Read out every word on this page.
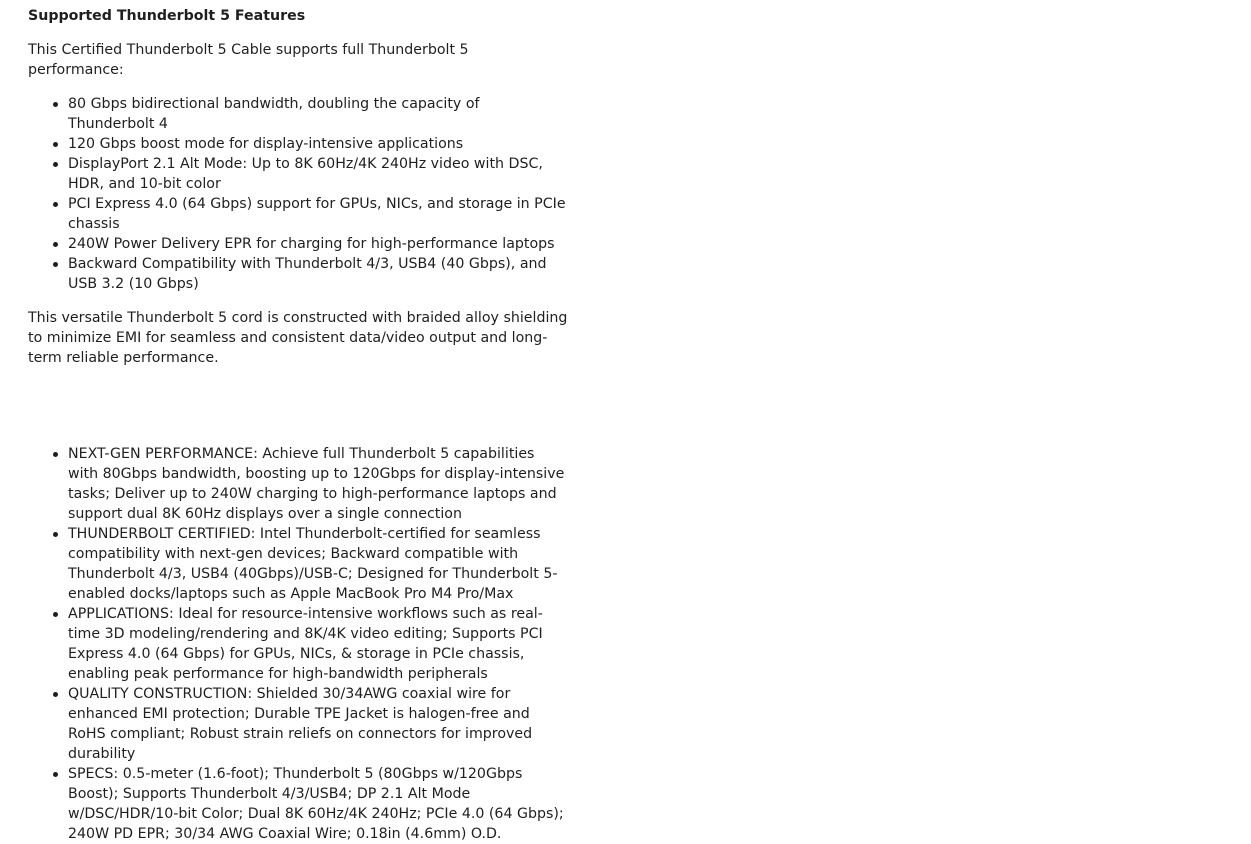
Supported Thunderbolt 5 Features
This Certified Thunderbolt 5 Cable supports full Thunderbolt 5 performance:
80 Gbps bidirectional bandwidth, doubling the capacity of Thunderbolt 4
120 Gbps boost mode for display-intensive applications
DisplayPort 2.1 Alt Mode: Up to 8K 60Hz/4K 240Hz video with DSC, HDR, and 10-bit color
PCI Express 4.0 (64 Gbps) support for GPUs, NICs, and storage in PCIe chassis
240W Power Delivery EPR for charging for high-performance laptops
Backward Compatibility with Thunderbolt 4/3, USB4 (40 Gbps), and USB 3.2 (10 Gbps)
This versatile Thunderbolt 5 cord is constructed with braided alloy shielding to minimize EMI for seamless and consistent data/video output and long-term reliable performance.
NEXT-GEN PERFORMANCE: Achieve full Thunderbolt 5 capabilities with 80Gbps bandwidth, boosting up to 120Gbps for display-intensive tasks; Deliver up to 240W charging to high-performance laptops and support dual 8K 60Hz displays over a single connection
THUNDERBOLT CERTIFIED: Intel Thunderbolt-certified for seamless compatibility with next-gen devices; Backward compatible with Thunderbolt 4/3, USB4 (40Gbps)/USB-C; Designed for Thunderbolt 5-enabled docks/laptops such as Apple MacBook Pro M4 Pro/Max
APPLICATIONS: Ideal for resource-intensive workflows such as real-time 3D modeling/rendering and 8K/4K video editing; Supports PCI Express 4.0 (64 Gbps) for GPUs, NICs, & storage in PCIe chassis, enabling peak performance for high-bandwidth peripherals
QUALITY CONSTRUCTION: Shielded 30/34AWG coaxial wire for enhanced EMI protection; Durable TPE Jacket is halogen-free and RoHS compliant; Robust strain reliefs on connectors for improved durability
SPECS: 0.5-meter (1.6-foot); Thunderbolt 5 (80Gbps w/120Gbps Boost); Supports Thunderbolt 4/3/USB4; DP 2.1 Alt Mode w/DSC/HDR/10-bit Color; Dual 8K 60Hz/4K 240Hz; PCIe 4.0 (64 Gbps); 240W PD EPR; 30/34 AWG Coaxial Wire; 0.18in (4.6mm) O.D.
